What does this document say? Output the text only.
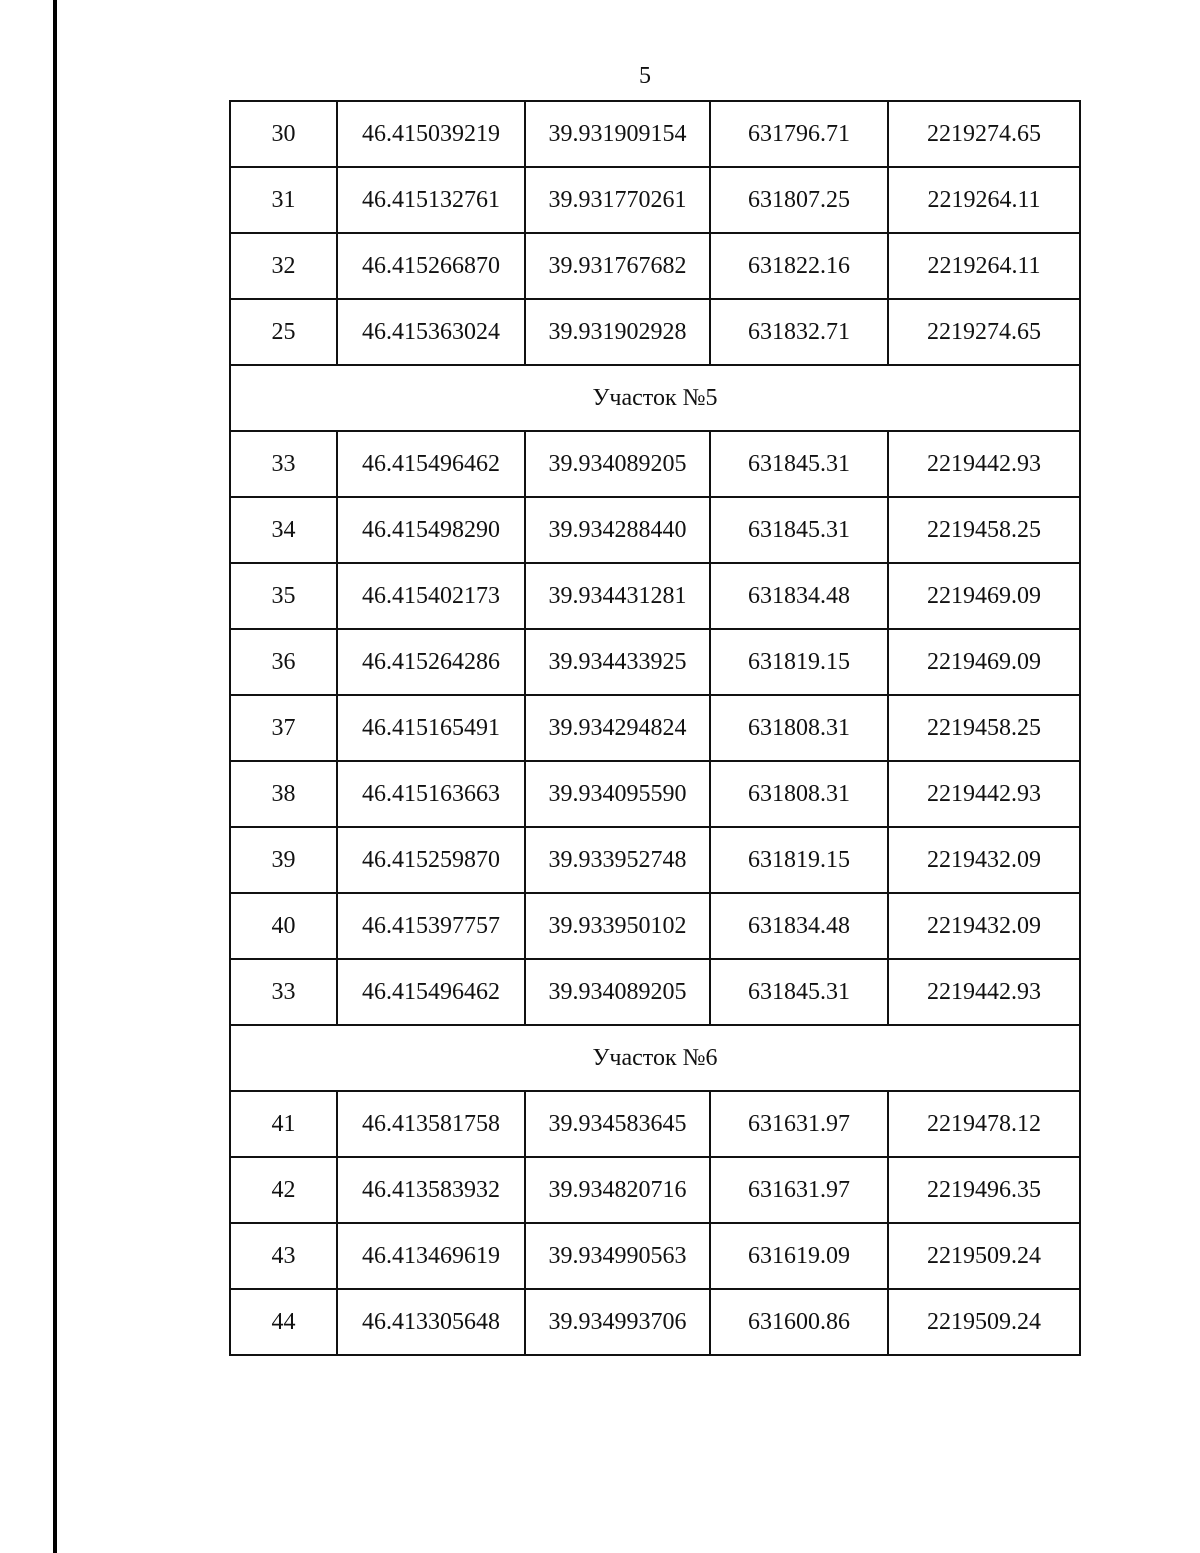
5
30	46.415039219	39.931909154	631796.71	2219274.65
31	46.415132761	39.931770261	631807.25	2219264.11
32	46.415266870	39.931767682	631822.16	2219264.11
25	46.415363024	39.931902928	631832.71	2219274.65
Участок №5				
33	46.415496462	39.934089205	631845.31	2219442.93
34	46.415498290	39.934288440	631845.31	2219458.25
35	46.415402173	39.934431281	631834.48	2219469.09
36	46.415264286	39.934433925	631819.15	2219469.09
37	46.415165491	39.934294824	631808.31	2219458.25
38	46.415163663	39.934095590	631808.31	2219442.93
39	46.415259870	39.933952748	631819.15	2219432.09
40	46.415397757	39.933950102	631834.48	2219432.09
33	46.415496462	39.934089205	631845.31	2219442.93
Участок №6				
41	46.413581758	39.934583645	631631.97	2219478.12
42	46.413583932	39.934820716	631631.97	2219496.35
43	46.413469619	39.934990563	631619.09	2219509.24
44	46.413305648	39.934993706	631600.86	2219509.24
